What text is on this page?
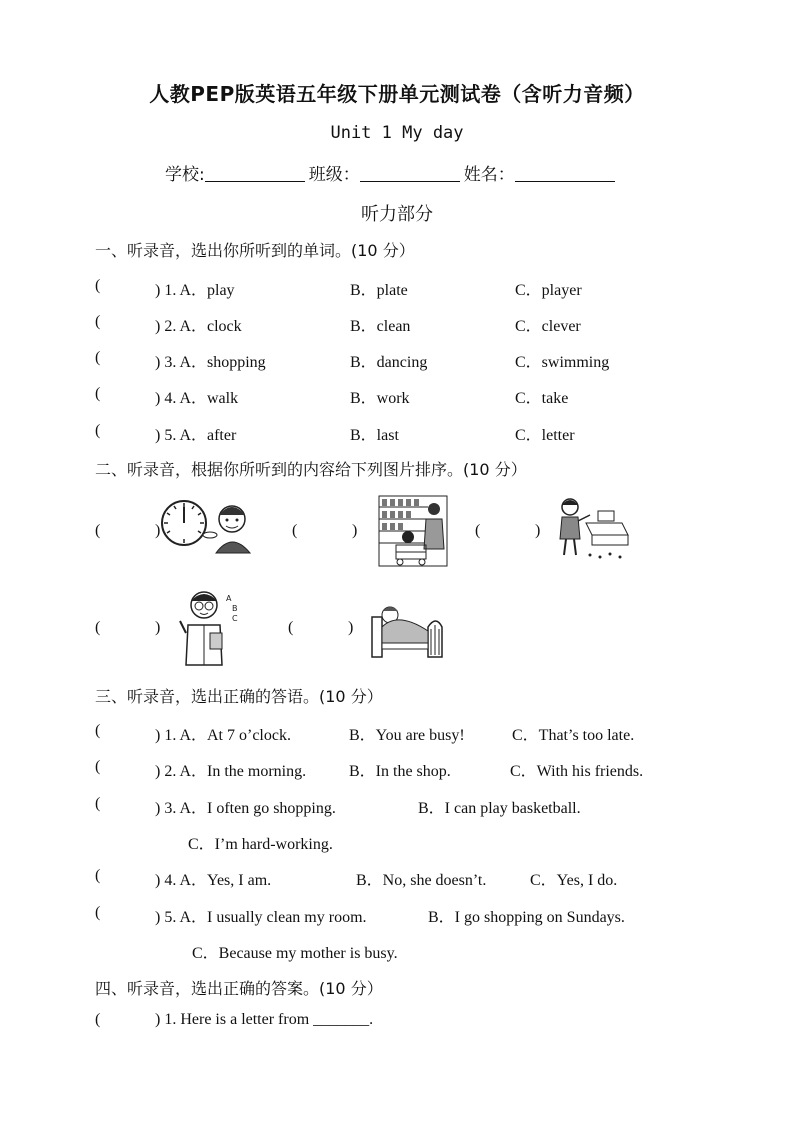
人教PEP版英语五年级下册单元测试卷（含听力音频）
Unit 1 My day
学校:	班级：	姓名：
听力部分
一、听录音，选出你所听到的单词。(10 分）
(	) 1. A．play	B．plate	C．player
(	) 2. A．clock	B．clean	C．clever
(	) 3. A．shopping	B．dancing	C．swimming
(	) 4. A．walk	B．work	C．take
(	) 5. A．after	B．last	C．letter
二、听录音，根据你所听到的内容给下列图片排序。(10 分）
(	)	(	)	(	)
(	)
A
B
C
(	)
三、听录音，选出正确的答语。(10 分）
(	) 1. A．At 7 o’clock.	B．You are busy!	C．That’s too late.
(	) 2. A．In the morning.	B．In the shop.	C．With his friends.
(	) 3. A．I often go shopping.	B．I can play basketball.
C．I’m hard-working.
(	) 4. A．Yes, I am.	B．No, she doesn’t.	C．Yes, I do.
(	) 5. A．I usually clean my room.	B．I go shopping on Sundays.
C．Because my mother is busy.
四、听录音，选出正确的答案。(10 分）
(	) 1. Here is a letter from _______.
